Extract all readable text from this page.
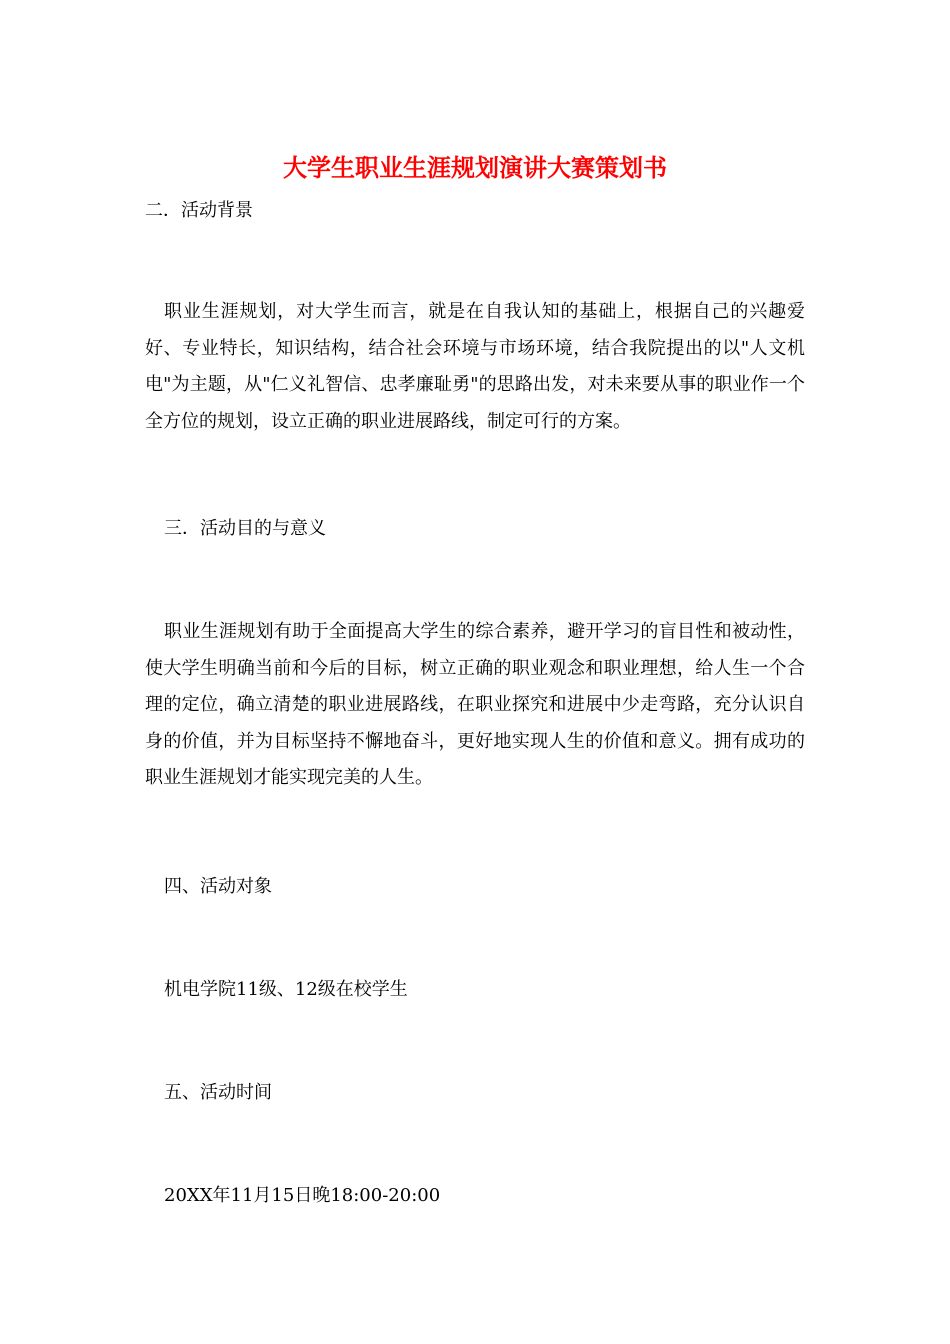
大学生职业生涯规划演讲大赛策划书
二．活动背景
职业生涯规划，对大学生而言，就是在自我认知的基础上，根据自己的兴趣爱好、专业特长，知识结构，结合社会环境与市场环境，结合我院提出的以"人文机电"为主题，从"仁义礼智信、忠孝廉耻勇"的思路出发，对未来要从事的职业作一个全方位的规划，设立正确的职业进展路线，制定可行的方案。
三．活动目的与意义
职业生涯规划有助于全面提高大学生的综合素养，避开学习的盲目性和被动性，使大学生明确当前和今后的目标，树立正确的职业观念和职业理想，给人生一个合理的定位，确立清楚的职业进展路线，在职业探究和进展中少走弯路，充分认识自身的价值，并为目标坚持不懈地奋斗，更好地实现人生的价值和意义。拥有成功的职业生涯规划才能实现完美的人生。
四、活动对象
机电学院11级、12级在校学生
五、活动时间
20XX年11月15日晚18:00-20:00
